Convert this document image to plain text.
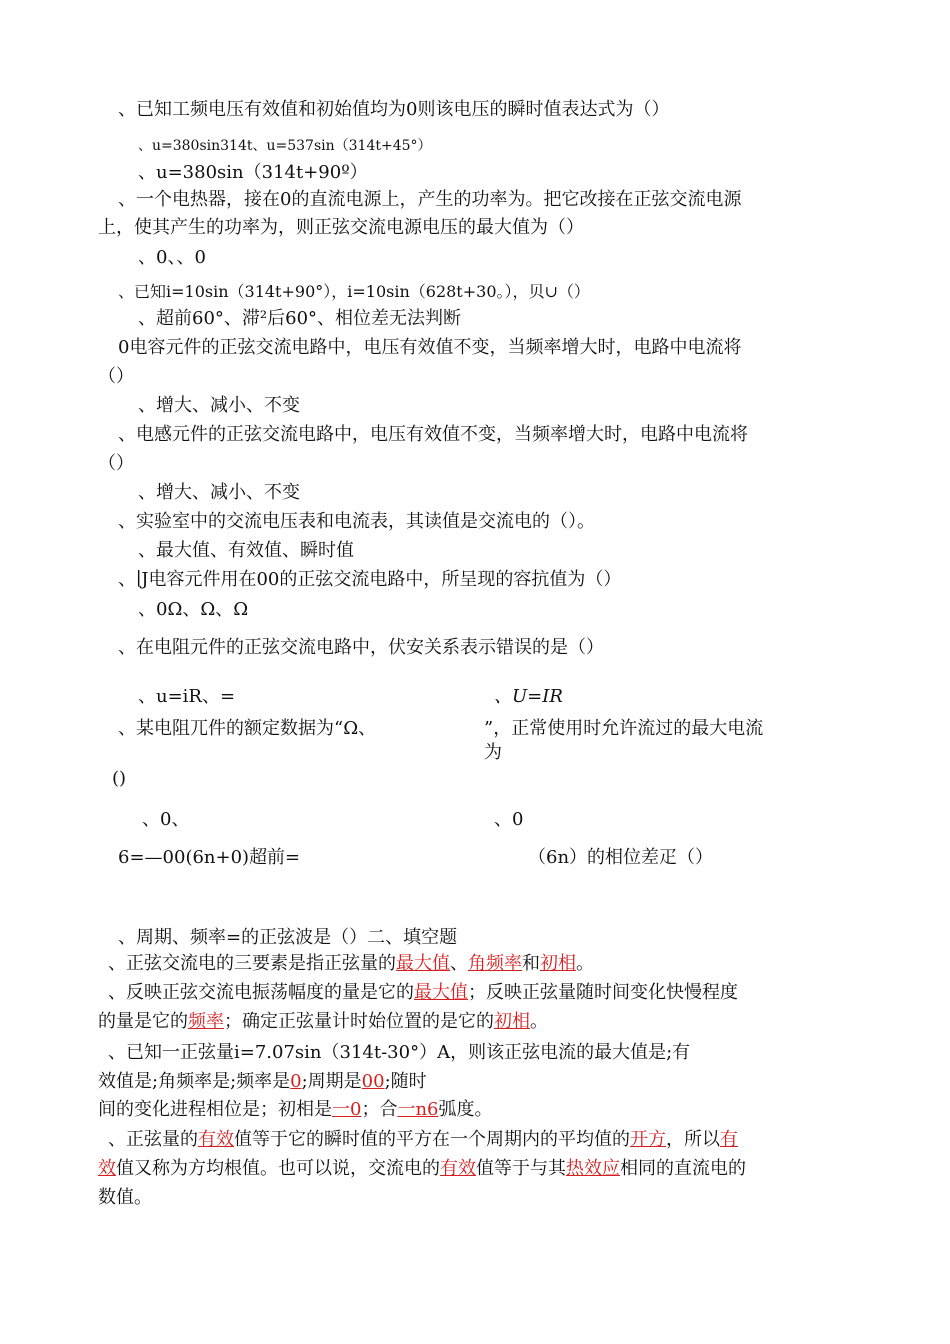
、已知工频电压有效值和初始值均为0则该电压的瞬时值表达式为（）
、u=380sin314t、u=537sin（314t+45°）
、u=380sin（314t+90º）
、一个电热器，接在0的直流电源上，产生的功率为。把它改接在正弦交流电源
上，使其产生的功率为，则正弦交流电源电压的最大值为（）
、0、、0
、已知i=10sin（314t+90°），i=10sin（628t+30。），贝∪（）
、超前60°、滞²后60°、相位差无法判断
0电容元件的正弦交流电路中，电压有效值不变，当频率增大时，电路中电流将
（）
、增大、减小、不变
、电感元件的正弦交流电路中，电压有效值不变，当频率增大时，电路中电流将
（）
、增大、减小、不变
、实验室中的交流电压表和电流表，其读值是交流电的（）。
、最大值、有效值、瞬时值
、∣J电容元件用在00的正弦交流电路中，所呈现的容抗值为（）
、0Ω、Ω、Ω
、在电阻元件的正弦交流电路中，伏安关系表示错误的是（）
、u=iR、=	、U=IR
、某电阻兀件的额定数据为“Ω、	”，正常使用时允许流过的最大电流
为
()
、0、	、0
6=—00(6n+0)超前=	（6n）的相位差疋（）
、周期、频率=的正弦波是（）二、填空题
、正弦交流电的三要素是指正弦量的最大值、角频率和初相。
、反映正弦交流电振荡幅度的量是它的最大值；反映正弦量随时间变化快慢程度
的量是它的频率；确定正弦量计时始位置的是它的初相。
、已知一正弦量i=7.07sin（314t-30°）A，则该正弦电流的最大值是;有
效值是;角频率是;频率是0;周期是00;随时
间的变化进程相位是；初相是一0；合一n6弧度。
、正弦量的有效值等于它的瞬时值的平方在一个周期内的平均值的开方，所以有
效值又称为方均根值。也可以说，交流电的有效值等于与其热效应相同的直流电的
数值。
